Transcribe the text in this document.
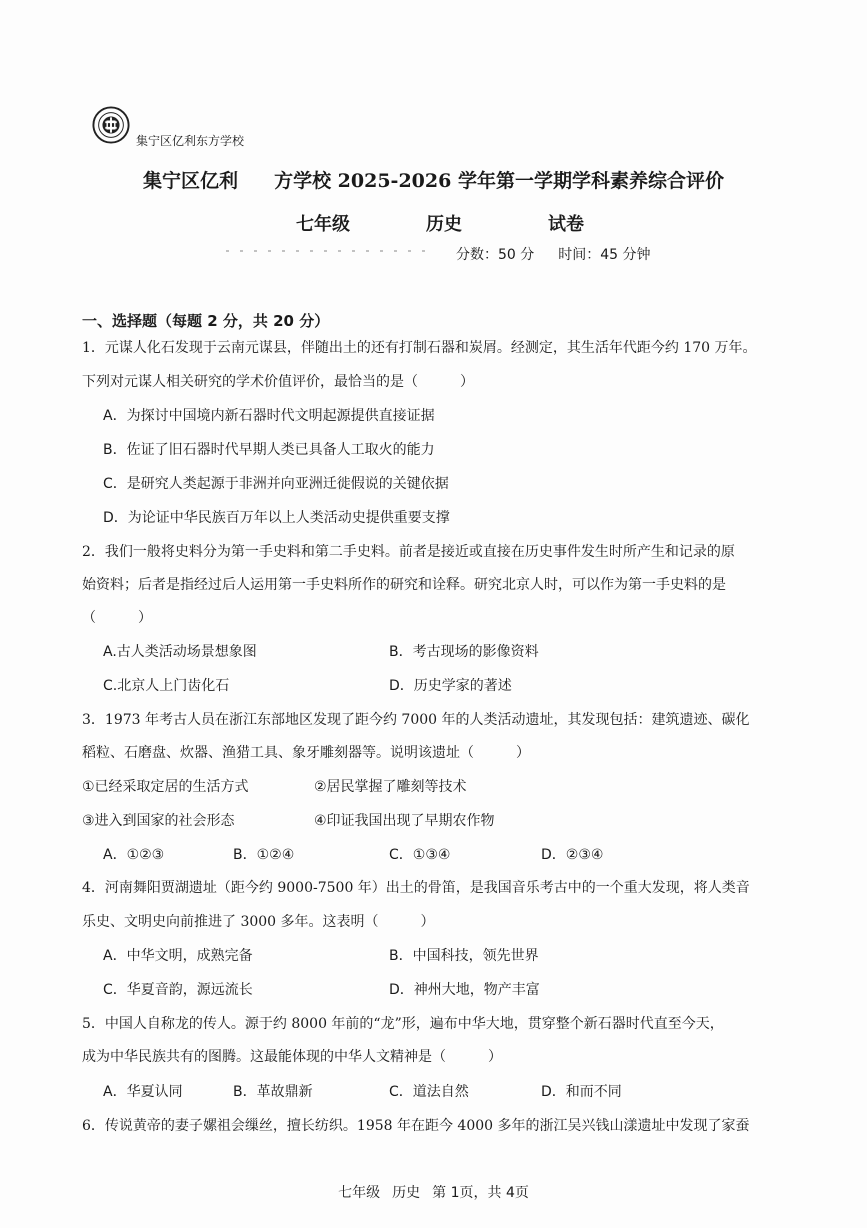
集宁区亿利东方学校
集宁区亿利 方学校 2025-2026 学年第一学期学科素养综合评价
七年级	历史	试卷
分数：50 分 时间：45 分钟
一、选择题（每题 2 分，共 20 分）
1．元谋人化石发现于云南元谋县，伴随出土的还有打制石器和炭屑。经测定，其生活年代距今约 170 万年。
下列对元谋人相关研究的学术价值评价，最恰当的是（　　　）
A．为探讨中国境内新石器时代文明起源提供直接证据
B．佐证了旧石器时代早期人类已具备人工取火的能力
C．是研究人类起源于非洲并向亚洲迁徙假说的关键依据
D．为论证中华民族百万年以上人类活动史提供重要支撑
2．我们一般将史料分为第一手史料和第二手史料。前者是接近或直接在历史事件发生时所产生和记录的原
始资料；后者是指经过后人运用第一手史料所作的研究和诠释。研究北京人时，可以作为第一手史料的是
（　　　）
A.古人类活动场景想象图	B．考古现场的影像资料
C.北京人上门齿化石	D．历史学家的著述
3．1973 年考古人员在浙江东部地区发现了距今约 7000 年的人类活动遗址，其发现包括：建筑遗迹、碳化
稻粒、石磨盘、炊器、渔猎工具、象牙雕刻器等。说明该遗址（　　　）
①已经采取定居的生活方式	②居民掌握了雕刻等技术
③进入到国家的社会形态	④印证我国出现了早期农作物
A．①②③	B．①②④	C．①③④	D．②③④
4．河南舞阳贾湖遗址（距今约 9000-7500 年）出土的骨笛，是我国音乐考古中的一个重大发现，将人类音
乐史、文明史向前推进了 3000 多年。这表明（　　　）
A．中华文明，成熟完备	B．中国科技，领先世界
C．华夏音韵，源远流长	D．神州大地，物产丰富
5．中国人自称龙的传人。源于约 8000 年前的“龙”形，遍布中华大地，贯穿整个新石器时代直至今天，
成为中华民族共有的图腾。这最能体现的中华人文精神是（　　　）
A．华夏认同	B．革故鼎新	C．道法自然	D．和而不同
6．传说黄帝的妻子嫘祖会缫丝，擅长纺织。1958 年在距今 4000 多年的浙江吴兴钱山漾遗址中发现了家蚕
七年级 历史 第 1页，共 4页
